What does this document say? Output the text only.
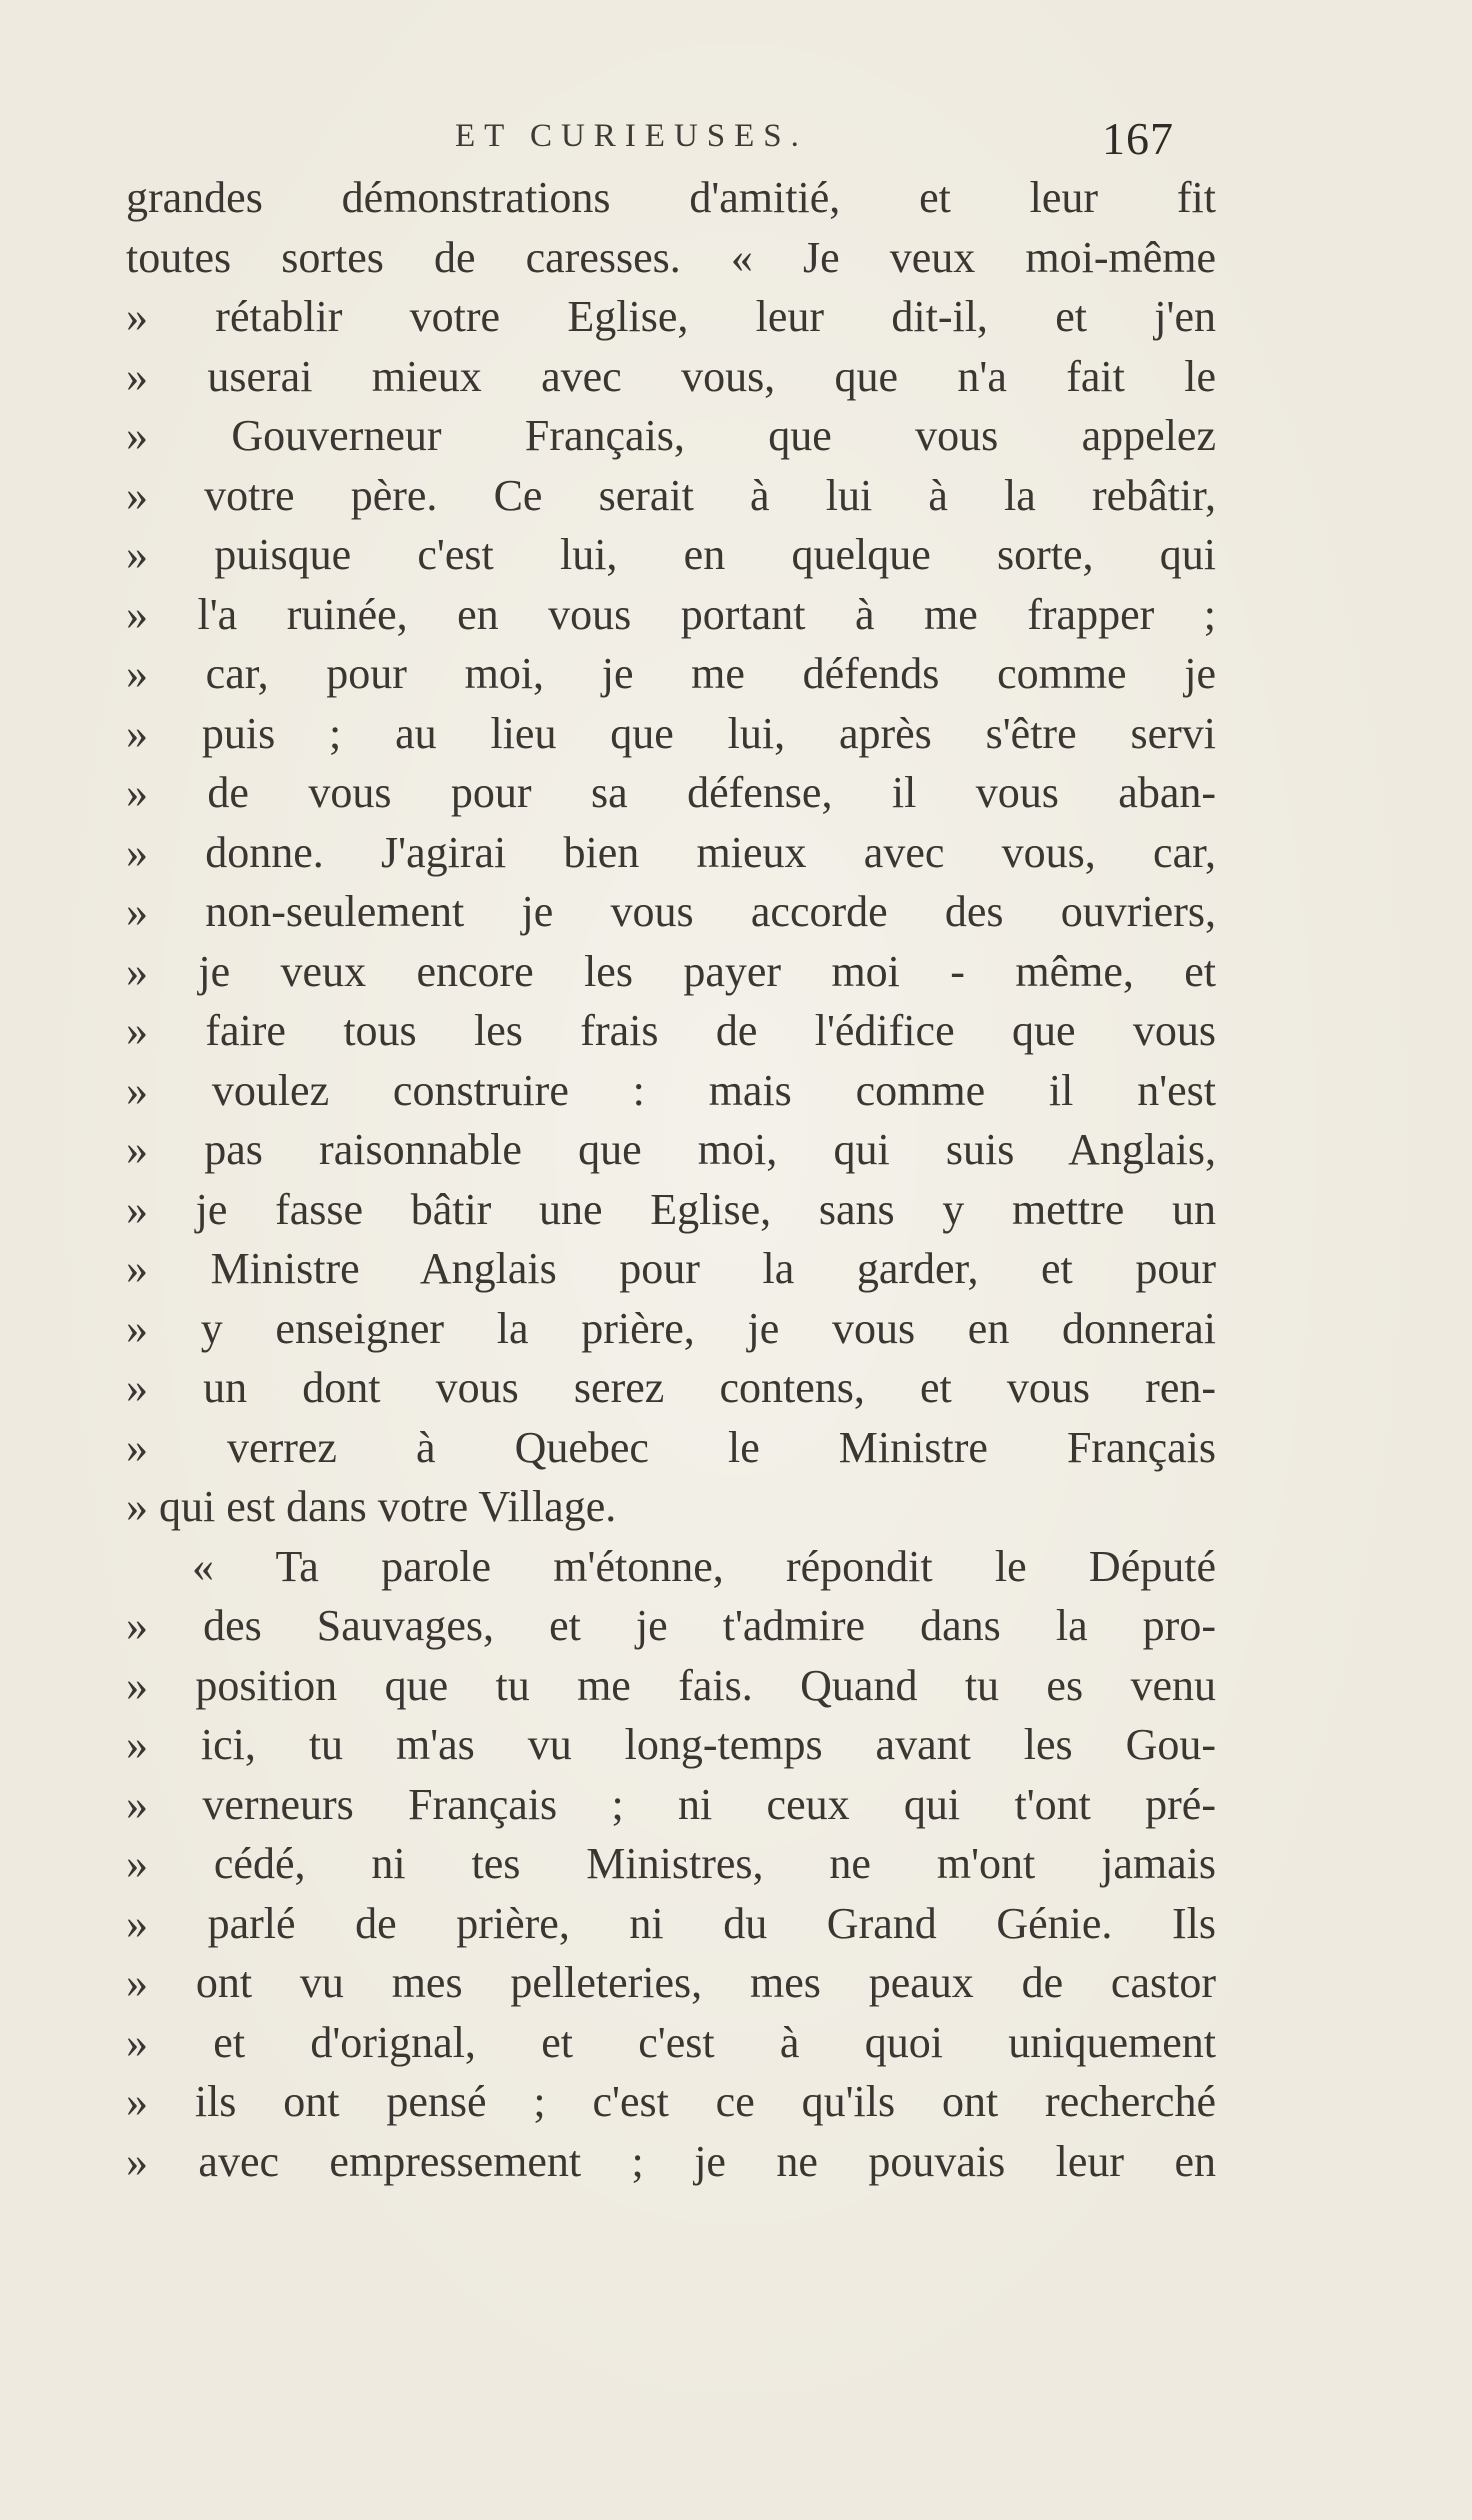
ET CURIEUSES.	167
grandes démonstrations d'amitié, et leur fit
toutes sortes de caresses. « Je veux moi-même
» rétablir votre Eglise, leur dit-il, et j'en
» userai mieux avec vous, que n'a fait le
» Gouverneur Français, que vous appelez
» votre père. Ce serait à lui à la rebâtir,
» puisque c'est lui, en quelque sorte, qui
» l'a ruinée, en vous portant à me frapper ;
» car, pour moi, je me défends comme je
» puis ; au lieu que lui, après s'être servi
» de vous pour sa défense, il vous aban-
» donne. J'agirai bien mieux avec vous, car,
» non-seulement je vous accorde des ouvriers,
» je veux encore les payer moi - même, et
» faire tous les frais de l'édifice que vous
» voulez construire : mais comme il n'est
» pas raisonnable que moi, qui suis Anglais,
» je fasse bâtir une Eglise, sans y mettre un
» Ministre Anglais pour la garder, et pour
» y enseigner la prière, je vous en donnerai
» un dont vous serez contens, et vous ren-
» verrez à Quebec le Ministre Français
» qui est dans votre Village.
« Ta parole m'étonne, répondit le Député
» des Sauvages, et je t'admire dans la pro-
» position que tu me fais. Quand tu es venu
» ici, tu m'as vu long-temps avant les Gou-
» verneurs Français ; ni ceux qui t'ont pré-
» cédé, ni tes Ministres, ne m'ont jamais
» parlé de prière, ni du Grand Génie. Ils
» ont vu mes pelleteries, mes peaux de castor
» et d'orignal, et c'est à quoi uniquement
» ils ont pensé ; c'est ce qu'ils ont recherché
» avec empressement ; je ne pouvais leur en
